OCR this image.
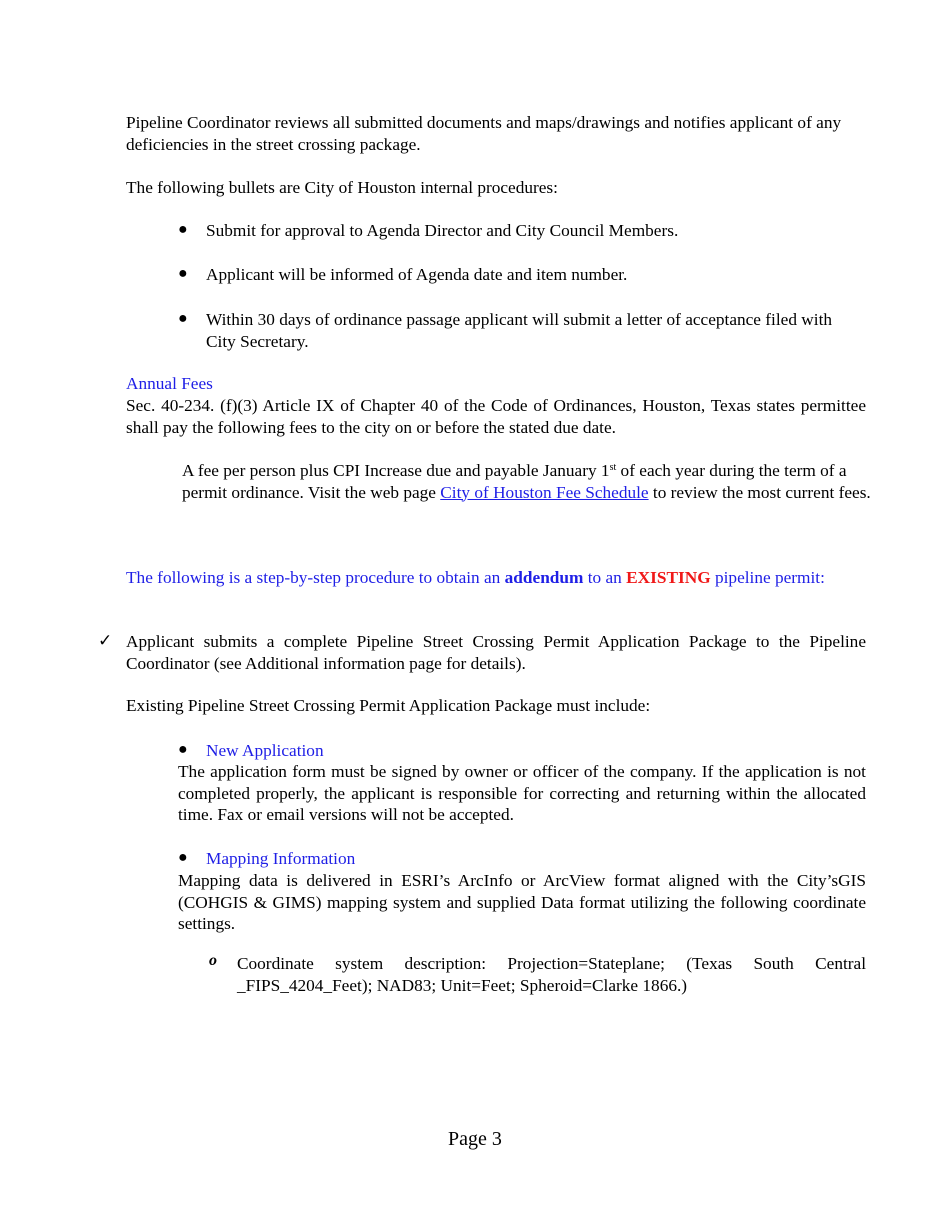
Pipeline Coordinator reviews all submitted documents and maps/drawings and notifies applicant of any deficiencies in the street crossing package.

The following bullets are City of Houston internal procedures:

● Submit for approval to Agenda Director and City Council Members.

● Applicant will be informed of Agenda date and item number.

● Within 30 days of ordinance passage applicant will submit a letter of acceptance filed with City Secretary.

Annual Fees

Sec. 40-234. (f)(3) Article IX of Chapter 40 of the Code of Ordinances, Houston, Texas states permittee shall pay the following fees to the city on or before the stated due date.

A fee per person plus CPI Increase due and payable January 1st of each year during the term of a permit ordinance. Visit the web page City of Houston Fee Schedule to review the most current fees.

The following is a step-by-step procedure to obtain an addendum to an EXISTING pipeline permit:

✓ Applicant submits a complete Pipeline Street Crossing Permit Application Package to the Pipeline Coordinator (see Additional information page for details).

Existing Pipeline Street Crossing Permit Application Package must include:

● New Application

The application form must be signed by owner or officer of the company. If the application is not completed properly, the applicant is responsible for correcting and returning within the allocated time. Fax or email versions will not be accepted.

● Mapping Information

Mapping data is delivered in ESRI’s ArcInfo or ArcView format aligned with the City’sGIS (COHGIS & GIMS) mapping system and supplied Data format utilizing the following coordinate settings.

o Coordinate system description: Projection=Stateplane; (Texas South Central _FIPS_4204_Feet); NAD83; Unit=Feet; Spheroid=Clarke 1866.)

Page 3
